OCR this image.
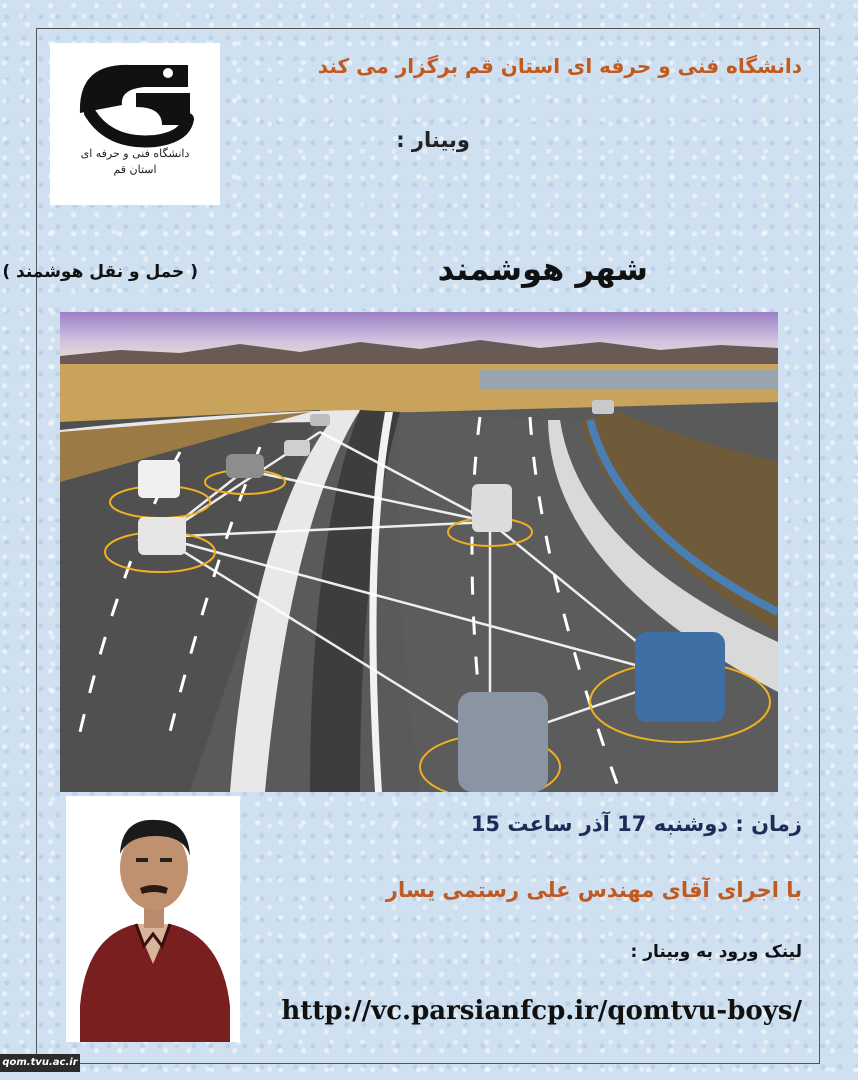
دانشگاه فنی و حرفه ای
استان قم
دانشگاه فنی و حرفه ای استان قم برگزار می کند
وبینار :
شهر هوشمند
( حمل و نقل هوشمند )
زمان : دوشنبه 17 آذر ساعت 15
با اجرای آقای مهندس علی رستمی یسار
لینک ورود به وبینار :
http://vc.parsianfcp.ir/qomtvu-boys/
qom.tvu.ac.ir
